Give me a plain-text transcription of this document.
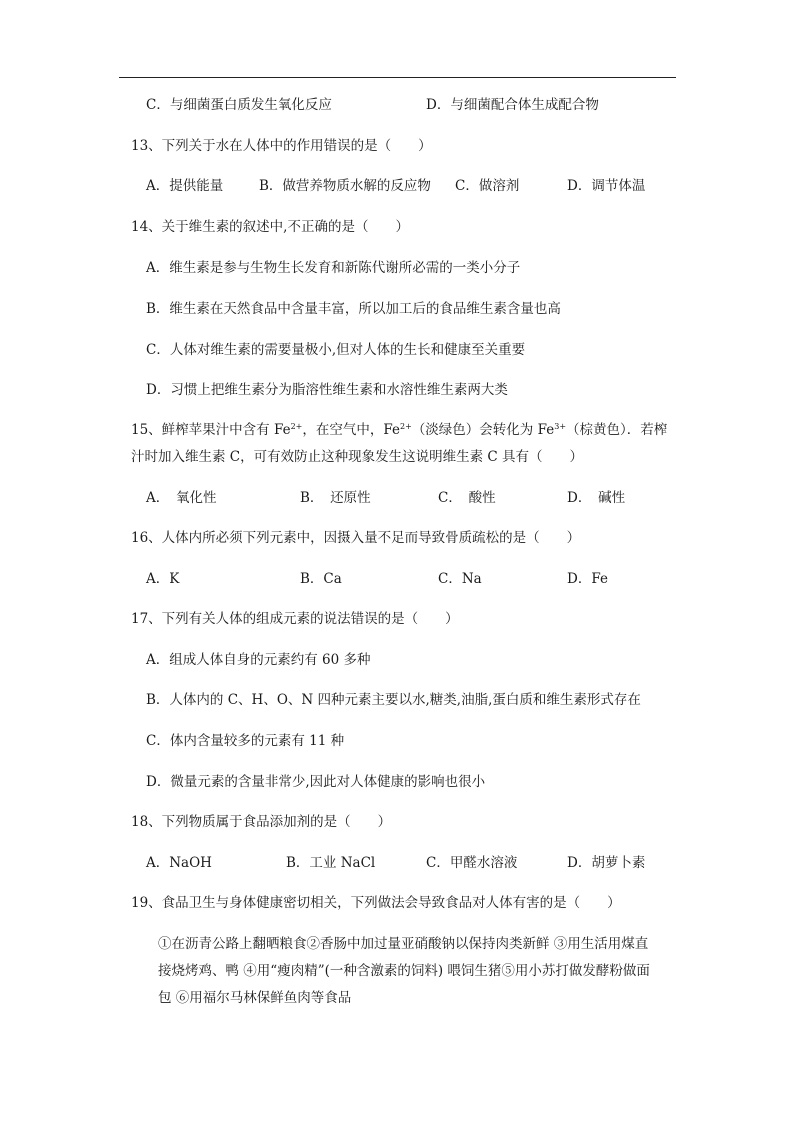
C．与细菌蛋白质发生氧化反应	D．与细菌配合体生成配合物
13、下列关于水在人体中的作用错误的是（　　）
A．提供能量	B．做营养物质水解的反应物 C．做溶剂	D．调节体温
14、关于维生素的叙述中,不正确的是（　　）
A．维生素是参与生物生长发育和新陈代谢所必需的一类小分子
B．维生素在天然食品中含量丰富，所以加工后的食品维生素含量也高
C．人体对维生素的需要量极小,但对人体的生长和健康至关重要
D．习惯上把维生素分为脂溶性维生素和水溶性维生素两大类
15、鲜榨苹果汁中含有 $Fe^{2+}$，在空气中，$Fe^{2+}$（淡绿色）会转化为 $Fe^{3+}$（棕黄色）．若榨
汁时加入维生素 C，可有效防止这种现象发生这说明维生素 C 具有（　　）
A．　氧化性	B．　还原性	C．　酸性	D．　碱性
16、人体内所必须下列元素中，因摄入量不足而导致骨质疏松的是（　　）
A．K	B．Ca	C．Na	D．Fe
17、下列有关人体的组成元素的说法错误的是（　　）
A．组成人体自身的元素约有 60 多种
B．人体内的 C、H、O、N 四种元素主要以水,糖类,油脂,蛋白质和维生素形式存在
C．体内含量较多的元素有 11 种
D．微量元素的含量非常少,因此对人体健康的影响也很小
18、下列物质属于食品添加剂的是（　　）
A．NaOH	B．工业 NaCl	C．甲醛水溶液	D．胡萝卜素
19、食品卫生与身体健康密切相关，下列做法会导致食品对人体有害的是（　　）
①在沥青公路上翻晒粮食②香肠中加过量亚硝酸钠以保持肉类新鲜 ③用生活用煤直
接烧烤鸡、鸭 ④用“瘦肉精”(一种含激素的饲料) 喂饲生猪⑤用小苏打做发酵粉做面
包 ⑥用福尔马林保鲜鱼肉等食品
